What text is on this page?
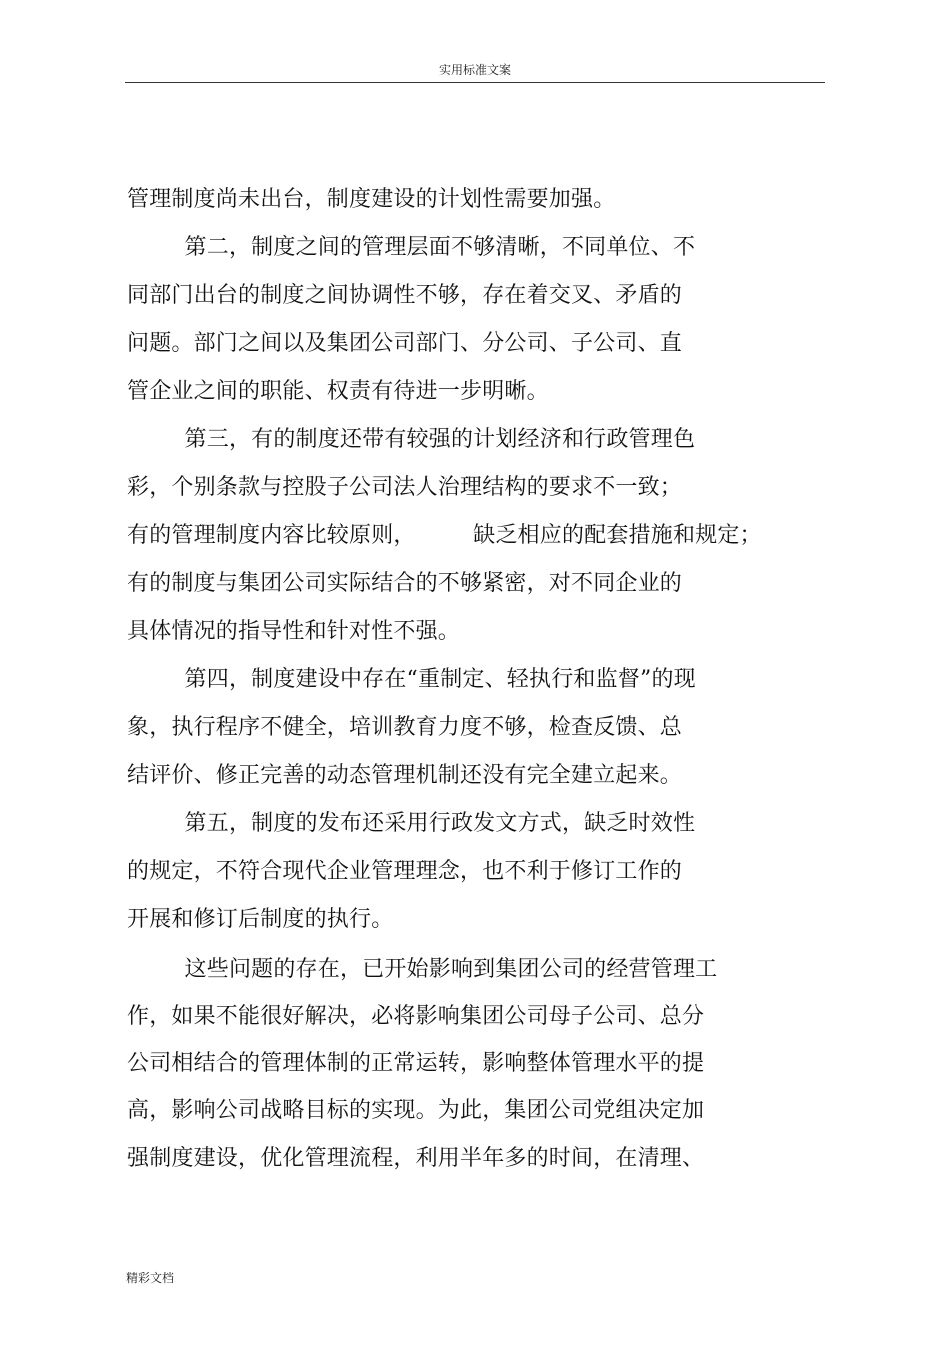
实用标准文案
管理制度尚未出台，制度建设的计划性需要加强。
第二，制度之间的管理层面不够清晰，不同单位、不
同部门出台的制度之间协调性不够，存在着交叉、矛盾的
问题。部门之间以及集团公司部门、分公司、子公司、直
管企业之间的职能、权责有待进一步明晰。
第三，有的制度还带有较强的计划经济和行政管理色
彩，个别条款与控股子公司法人治理结构的要求不一致；
有的管理制度内容比较原则，        缺乏相应的配套措施和规定；
有的制度与集团公司实际结合的不够紧密，对不同企业的
具体情况的指导性和针对性不强。
第四，制度建设中存在“重制定、轻执行和监督”的现
象，执行程序不健全，培训教育力度不够，检查反馈、总
结评价、修正完善的动态管理机制还没有完全建立起来。
第五，制度的发布还采用行政发文方式，缺乏时效性
的规定，不符合现代企业管理理念，也不利于修订工作的
开展和修订后制度的执行。
这些问题的存在，已开始影响到集团公司的经营管理工
作，如果不能很好解决，必将影响集团公司母子公司、总分
公司相结合的管理体制的正常运转，影响整体管理水平的提
高，影响公司战略目标的实现。为此，集团公司党组决定加
强制度建设，优化管理流程，利用半年多的时间，在清理、
精彩文档
